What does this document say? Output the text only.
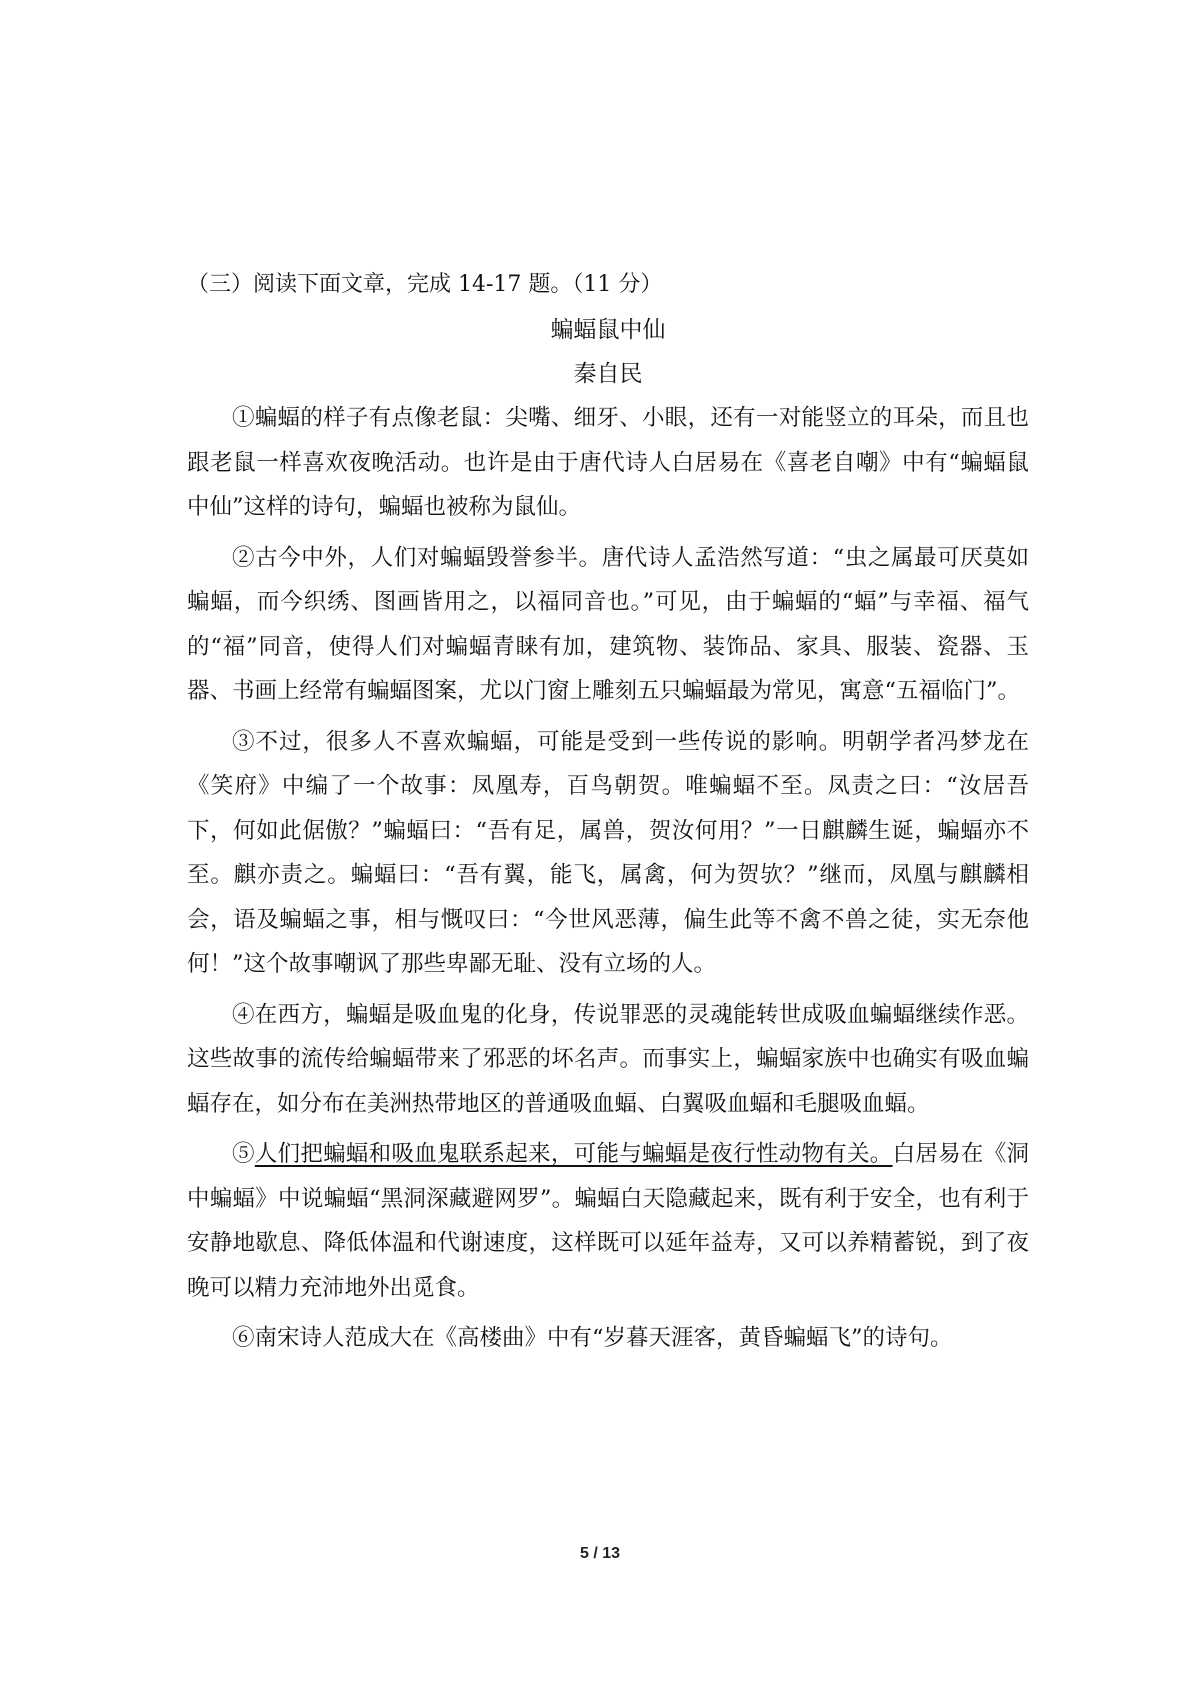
（三）阅读下面文章，完成 14-17 题。（11 分）
蝙蝠鼠中仙
秦自民

①蝙蝠的样子有点像老鼠：尖嘴、细牙、小眼，还有一对能竖立的耳朵，而且也跟老鼠一样喜欢夜晚活动。也许是由于唐代诗人白居易在《喜老自嘲》中有“蝙蝠鼠中仙”这样的诗句，蝙蝠也被称为鼠仙。

②古今中外，人们对蝙蝠毁誉参半。唐代诗人孟浩然写道：“虫之属最可厌莫如蝙蝠，而今织绣、图画皆用之，以福同音也。”可见，由于蝙蝠的“蝠”与幸福、福气的“福”同音，使得人们对蝙蝠青睐有加，建筑物、装饰品、家具、服装、瓷器、玉器、书画上经常有蝙蝠图案，尤以门窗上雕刻五只蝙蝠最为常见，寓意“五福临门”。

③不过，很多人不喜欢蝙蝠，可能是受到一些传说的影响。明朝学者冯梦龙在《笑府》中编了一个故事：凤凰寿，百鸟朝贺。唯蝙蝠不至。凤责之曰：“汝居吾下，何如此倨傲？”蝙蝠曰：“吾有足，属兽，贺汝何用？”一日麒麟生诞，蝙蝠亦不至。麒亦责之。蝙蝠曰：“吾有翼，能飞，属禽，何为贺欤？”继而，凤凰与麒麟相会，语及蝙蝠之事，相与慨叹曰：“今世风恶薄，偏生此等不禽不兽之徒，实无奈他何！”这个故事嘲讽了那些卑鄙无耻、没有立场的人。

④在西方，蝙蝠是吸血鬼的化身，传说罪恶的灵魂能转世成吸血蝙蝠继续作恶。这些故事的流传给蝙蝠带来了邪恶的坏名声。而事实上，蝙蝠家族中也确实有吸血蝙蝠存在，如分布在美洲热带地区的普通吸血蝠、白翼吸血蝠和毛腿吸血蝠。

⑤人们把蝙蝠和吸血鬼联系起来，可能与蝙蝠是夜行性动物有关。白居易在《洞中蝙蝠》中说蝙蝠“黑洞深藏避网罗”。蝙蝠白天隐藏起来，既有利于安全，也有利于安静地歇息、降低体温和代谢速度，这样既可以延年益寿，又可以养精蓄锐，到了夜晚可以精力充沛地外出觅食。

⑥南宋诗人范成大在《高楼曲》中有“岁暮天涯客，黄昏蝙蝠飞”的诗句。

5 / 13
